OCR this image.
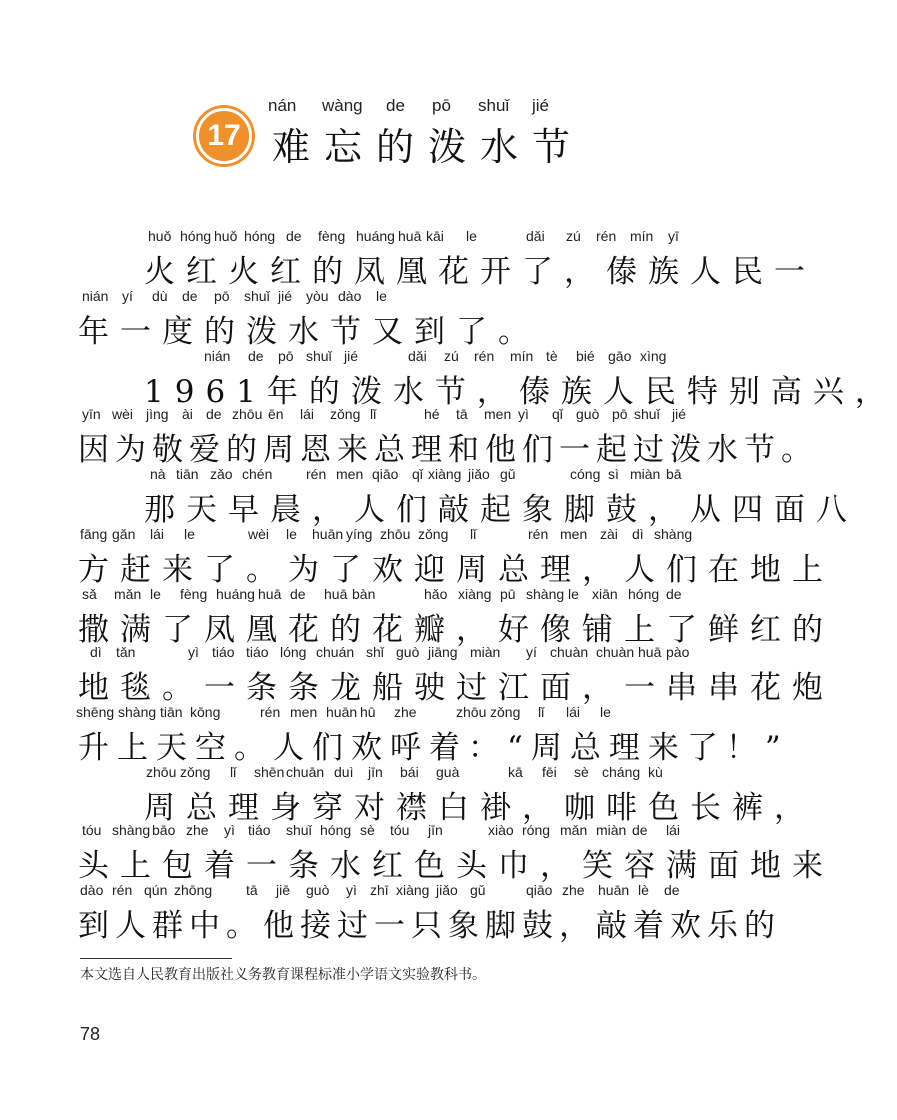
17
nán wàng de pō shuǐ jié
难忘的泼水节
huǒ hóng huǒ hóng de fèng huáng huā kāi le	dǎi zú rén mín yī
火红火红的凤凰花开了，傣族人民一
nián yí dù de pō shuǐ jié yòu dào le
年一度的泼水节又到了。
nián de pō shuǐ jié	dǎi zú rén mín tè bié gāo xìng
1961年的泼水节，傣族人民特别高兴，
yīn wèi jìng ài de zhōu ēn lái zǒng lǐ	hé tā men yì qǐ guò pō shuǐ jié
因为敬爱的周恩来总理和他们一起过泼水节。
nà tiān zǎo chén rén men qiāo qǐ xiàng jiǎo gǔ	cóng sì miàn bā
那天早晨，人们敲起象脚鼓，从四面八
fāng gǎn lái le	wèi le huān yíng zhōu zǒng lǐ	rén men zài dì shàng
方赶来了。为了欢迎周总理，人们在地上
sǎ mǎn le fèng huáng huā de huā bàn	hǎo xiàng pū shàng le xiān hóng de
撒满了凤凰花的花瓣，好像铺上了鲜红的
dì tǎn	yì tiáo tiáo lóng chuán shǐ guò jiāng miàn yí chuàn chuàn huā pào
地毯。一条条龙船驶过江面，一串串花炮
shēng shàng tiān kōng	rén men huān hū zhe	zhōu zǒng lǐ lái le
升上天空。人们欢呼着：“周总理来了！”
zhōu zǒng lǐ shēn chuān duì jīn bái guà	kā fēi sè cháng kù
周总理身穿对襟白褂，咖啡色长裤，
tóu shàng bāo zhe yì tiáo shuǐ hóng sè tóu jīn	xiào róng mǎn miàn de lái
头上包着一条水红色头巾，笑容满面地来
dào rén qún zhōng tā jiē guò yì zhī xiàng jiǎo gǔ	qiāo zhe huān lè de
到人群中。他接过一只象脚鼓，敲着欢乐的
本文选自人民教育出版社义务教育课程标准小学语文实验教科书。
78
